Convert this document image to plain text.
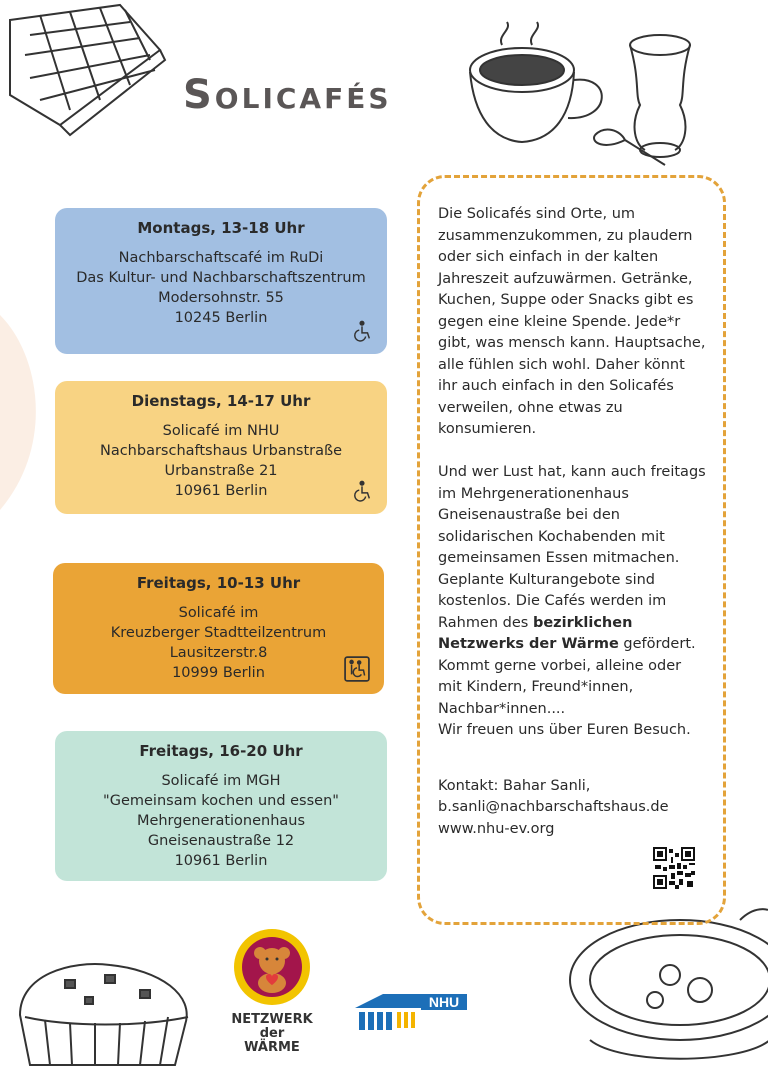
Solicafés
Montags, 13-18 Uhr
Nachbarschaftscafé im RuDi
Das Kultur- und Nachbarschaftszentrum
Modersohnstr. 55
10245 Berlin
Dienstags, 14-17 Uhr
Solicafé im NHU
Nachbarschaftshaus Urbanstraße
Urbanstraße 21
10961 Berlin
Freitags, 10-13 Uhr
Solicafé im
Kreuzberger Stadtteilzentrum
Lausitzerstr.8
10999 Berlin
Freitags, 16-20 Uhr
Solicafé im MGH
"Gemeinsam kochen und essen"
Mehrgenerationenhaus
Gneisenaustraße 12
10961 Berlin

Die Solicafés sind Orte, um zusammenzukommen, zu plaudern oder sich einfach in der kalten Jahreszeit aufzuwärmen. Getränke, Kuchen, Suppe oder Snacks gibt es gegen eine kleine Spende. Jede*r gibt, was mensch kann. Hauptsache, alle fühlen sich wohl. Daher könnt ihr auch einfach in den Solicafés verweilen, ohne etwas zu konsumieren.

Und wer Lust hat, kann auch freitags im Mehrgenerationenhaus Gneisenaustraße bei den solidarischen Kochabenden mit gemeinsamen Essen mitmachen. Geplante Kulturangebote sind kostenlos. Die Cafés werden im Rahmen des bezirklichen Netzwerks der Wärme gefördert.
Kommt gerne vorbei, alleine oder mit Kindern, Freund*innen, Nachbar*innen....
Wir freuen uns über Euren Besuch.
Kontakt: Bahar Sanli,
b.sanli@nachbarschaftshaus.de
www.nhu-ev.org
NETZWERK
der WÄRME
NHU
